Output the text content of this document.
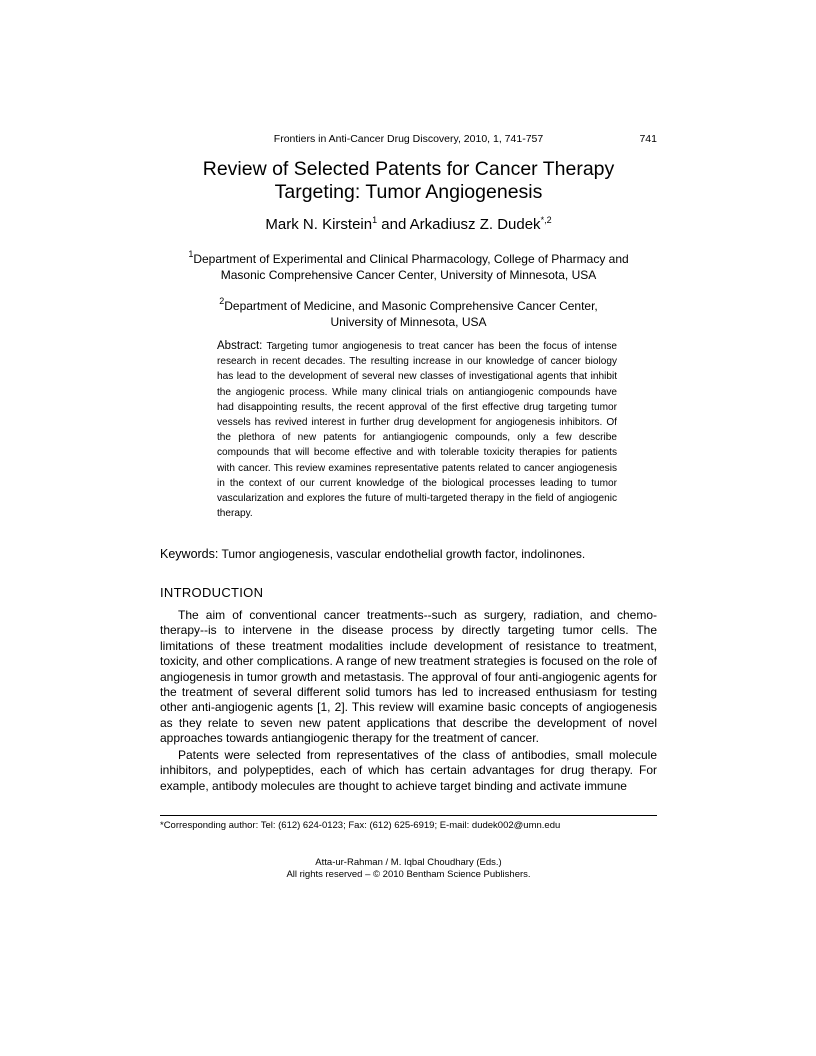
Frontiers in Anti-Cancer Drug Discovery, 2010, 1, 741-757	741
Review of Selected Patents for Cancer Therapy
Targeting: Tumor Angiogenesis
Mark N. Kirstein$^1$ and Arkadiusz Z. Dudek$^{*,2}$
$^1$Department of Experimental and Clinical Pharmacology, College of Pharmacy and
Masonic Comprehensive Cancer Center, University of Minnesota, USA
$^2$Department of Medicine, and Masonic Comprehensive Cancer Center,
University of Minnesota, USA
Abstract: Targeting tumor angiogenesis to treat cancer has been the focus of intense research in recent decades. The resulting increase in our knowledge of cancer biology has lead to the development of several new classes of investigational agents that inhibit the angiogenic process. While many clinical trials on antiangiogenic compounds have had disappointing results, the recent approval of the first effective drug targeting tumor vessels has revived interest in further drug development for angiogenesis inhibitors. Of the plethora of new patents for antiangiogenic compounds, only a few describe compounds that will become effective and with tolerable toxicity therapies for patients with cancer. This review examines representative patents related to cancer angiogenesis in the context of our current knowledge of the biological processes leading to tumor vascularization and explores the future of multi-targeted therapy in the field of angiogenic therapy.
Keywords: Tumor angiogenesis, vascular endothelial growth factor, indolinones.
INTRODUCTION

The aim of conventional cancer treatments--such as surgery, radiation, and chemo-therapy--is to intervene in the disease process by directly targeting tumor cells. The limitations of these treatment modalities include development of resistance to treatment, toxicity, and other complications. A range of new treatment strategies is focused on the role of angiogenesis in tumor growth and metastasis. The approval of four anti-angiogenic agents for the treatment of several different solid tumors has led to increased enthusiasm for testing other anti-angiogenic agents [1, 2]. This review will examine basic concepts of angiogenesis as they relate to seven new patent applications that describe the development of novel approaches towards antiangiogenic therapy for the treatment of cancer.

Patents were selected from representatives of the class of antibodies, small molecule inhibitors, and polypeptides, each of which has certain advantages for drug therapy. For example, antibody molecules are thought to achieve target binding and activate immune

*Corresponding author: Tel: (612) 624-0123; Fax: (612) 625-6919; E-mail: dudek002@umn.edu
Atta-ur-Rahman / M. Iqbal Choudhary (Eds.)
All rights reserved – © 2010 Bentham Science Publishers.
